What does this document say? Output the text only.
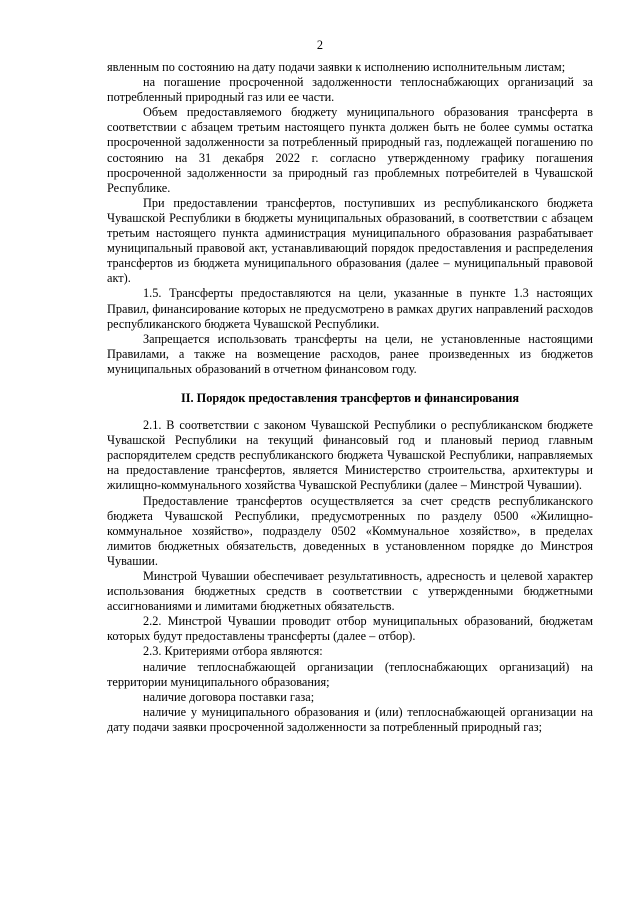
2

явленным по состоянию на дату подачи заявки к исполнению исполнительным листам;

на погашение просроченной задолженности теплоснабжающих организаций за потребленный природный газ или ее части.

Объем предоставляемого бюджету муниципального образования трансферта в соответствии с абзацем третьим настоящего пункта должен быть не более суммы остатка просроченной задолженности за потребленный природный газ, подлежащей погашению по состоянию на 31 декабря 2022 г. согласно утвержденному графику погашения просроченной задолженности за природный газ проблемных потребителей в Чувашской Республике.

При предоставлении трансфертов, поступивших из республиканского бюджета Чувашской Республики в бюджеты муниципальных образований, в соответствии с абзацем третьим настоящего пункта администрация муниципального образования разрабатывает муниципальный правовой акт, устанавливающий порядок предоставления и распределения трансфертов из бюджета муниципального образования (далее – муниципальный правовой акт).

1.5. Трансферты предоставляются на цели, указанные в пункте 1.3 настоящих Правил, финансирование которых не предусмотрено в рамках других направлений расходов республиканского бюджета Чувашской Республики.

Запрещается использовать трансферты на цели, не установленные настоящими Правилами, а также на возмещение расходов, ранее произведенных из бюджетов муниципальных образований в отчетном финансовом году.

II. Порядок предоставления трансфертов и финансирования

2.1. В соответствии с законом Чувашской Республики о республиканском бюджете Чувашской Республики на текущий финансовый год и плановый период главным распорядителем средств республиканского бюджета Чувашской Республики, направляемых на предоставление трансфертов, является Министерство строительства, архитектуры и жилищно-коммунального хозяйства Чувашской Республики (далее – Минстрой Чувашии).

Предоставление трансфертов осуществляется за счет средств республиканского бюджета Чувашской Республики, предусмотренных по разделу 0500 «Жилищно-коммунальное хозяйство», подразделу 0502 «Коммунальное хозяйство», в пределах лимитов бюджетных обязательств, доведенных в установленном порядке до Минстроя Чувашии.

Минстрой Чувашии обеспечивает результативность, адресность и целевой характер использования бюджетных средств в соответствии с утвержденными бюджетными ассигнованиями и лимитами бюджетных обязательств.

2.2. Минстрой Чувашии проводит отбор муниципальных образований, бюджетам которых будут предоставлены трансферты (далее – отбор).

2.3. Критериями отбора являются:

наличие теплоснабжающей организации (теплоснабжающих организаций) на территории муниципального образования;

наличие договора поставки газа;

наличие у муниципального образования и (или) теплоснабжающей организации на дату подачи заявки просроченной задолженности за потребленный природный газ;
